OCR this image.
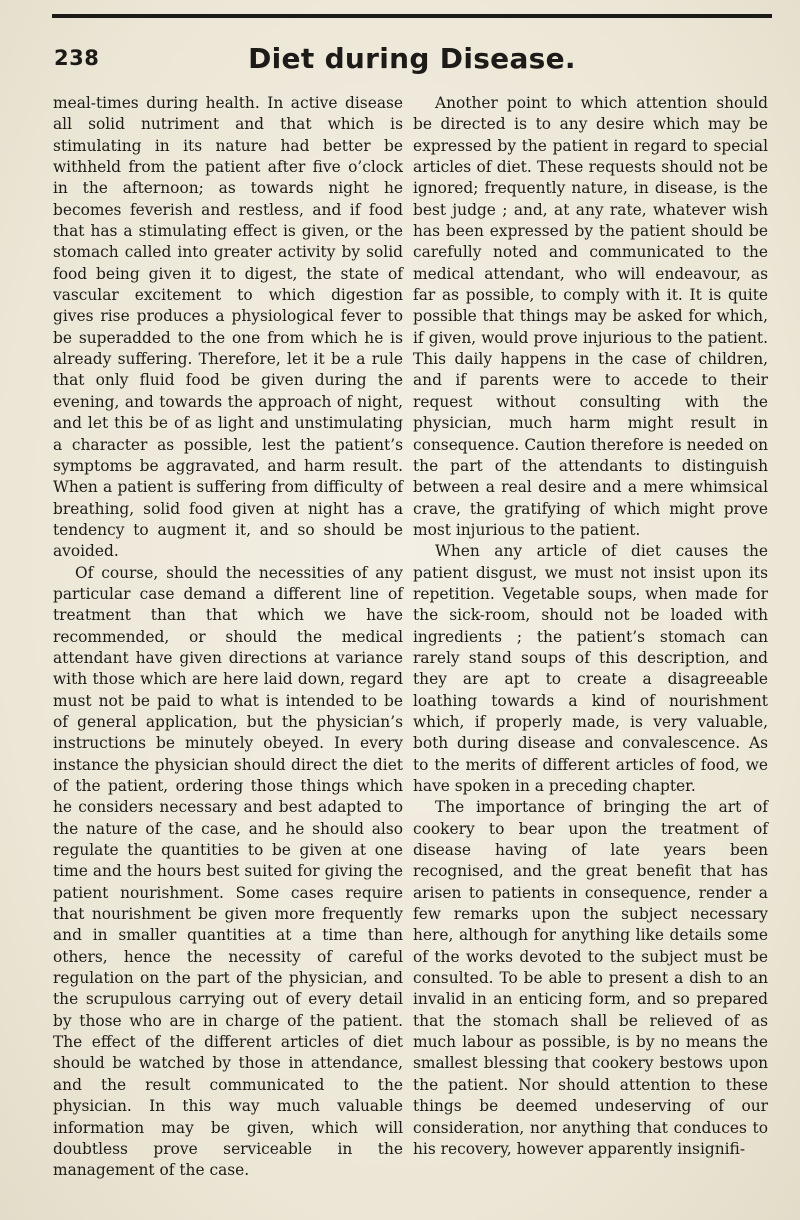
238	Diet during Disease.

meal-times during health. In active disease all solid nutriment and that which is stimulating in its nature had better be withheld from the patient after five o’clock in the afternoon; as towards night he becomes feverish and restless, and if food that has a stimulating effect is given, or the stomach called into greater activity by solid food being given it to digest, the state of vascular excitement to which digestion gives rise produces a physiological fever to be superadded to the one from which he is already suffering. Therefore, let it be a rule that only fluid food be given during the evening, and towards the approach of night, and let this be of as light and unstimulating a character as possible, lest the patient’s symptoms be aggravated, and harm result. When a patient is suffering from difficulty of breathing, solid food given at night has a tendency to augment it, and so should be avoided.

Of course, should the necessities of any particular case demand a different line of treatment than that which we have recommended, or should the medical attendant have given directions at variance with those which are here laid down, regard must not be paid to what is intended to be of general application, but the physician’s instructions be minutely obeyed. In every instance the physician should direct the diet of the patient, ordering those things which he considers necessary and best adapted to the nature of the case, and he should also regulate the quantities to be given at one time and the hours best suited for giving the patient nourishment. Some cases require that nourishment be given more frequently and in smaller quantities at a time than others, hence the necessity of careful regulation on the part of the physician, and the scrupulous carrying out of every detail by those who are in charge of the patient. The effect of the different articles of diet should be watched by those in attendance, and the result communicated to the physician. In this way much valuable information may be given, which will doubtless prove serviceable in the management of the case.

Another point to which attention should be directed is to any desire which may be expressed by the patient in regard to special articles of diet. These requests should not be ignored; frequently nature, in disease, is the best judge ; and, at any rate, whatever wish has been expressed by the patient should be carefully noted and communicated to the medical attendant, who will endeavour, as far as possible, to comply with it. It is quite possible that things may be asked for which, if given, would prove injurious to the patient. This daily happens in the case of children, and if parents were to accede to their request without consulting with the physician, much harm might result in consequence. Caution therefore is needed on the part of the attendants to distinguish between a real desire and a mere whimsical crave, the gratifying of which might prove most injurious to the patient.

When any article of diet causes the patient disgust, we must not insist upon its repetition. Vegetable soups, when made for the sick-room, should not be loaded with ingredients ; the patient’s stomach can rarely stand soups of this description, and they are apt to create a disagreeable loathing towards a kind of nourishment which, if properly made, is very valuable, both during disease and convalescence. As to the merits of different articles of food, we have spoken in a preceding chapter.

The importance of bringing the art of cookery to bear upon the treatment of disease having of late years been recognised, and the great benefit that has arisen to patients in consequence, render a few remarks upon the subject necessary here, although for anything like details some of the works devoted to the subject must be consulted. To be able to present a dish to an invalid in an enticing form, and so prepared that the stomach shall be relieved of as much labour as possible, is by no means the smallest blessing that cookery bestows upon the patient. Nor should attention to these things be deemed undeserving of our consideration, nor anything that conduces to his recovery, however apparently insignifi-
